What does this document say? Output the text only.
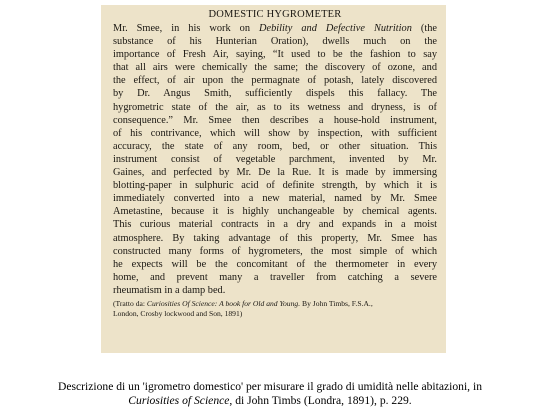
DOMESTIC HYGROMETER
Mr. Smee, in his work on Debility and Defective Nutrition (the
substance of his Hunterian Oration), dwells much on the
importance of Fresh Air, saying, “It used to be the fashion to say
that all airs were chemically the same; the discovery of ozone, and
the effect, of air upon the permagnate of potash, lately discovered
by Dr. Angus Smith, sufficiently dispels this fallacy. The
hygrometric state of the air, as to its wetness and dryness, is of
consequence.” Mr. Smee then describes a house-hold instrument,
of his contrivance, which will show by inspection, with sufficient
accuracy, the state of any room, bed, or other situation. This
instrument consist of vegetable parchment, invented by Mr.
Gaines, and perfected by Mr. De la Rue. It is made by immersing
blotting-paper in sulphuric acid of definite strength, by which it is
immediately converted into a new material, named by Mr. Smee
Ametastine, because it is highly unchangeable by chemical agents.
This curious material contracts in a dry and expands in a moist
atmosphere. By taking advantage of this property, Mr. Smee has
constructed many forms of hygrometers, the most simple of which
he expects will be the concomitant of the thermometer in every
home, and prevent many a traveller from catching a severe
rheumatism in a damp bed.
(Tratto da: Curiosities Of Science: A book for Old and Young. By John Timbs, F.S.A.,
London, Crosby lockwood and Son, 1891)
Descrizione di un 'igrometro domestico' per misurare il grado di umidità nelle abitazioni, in
Curiosities of Science, di John Timbs (Londra, 1891), p. 229.
